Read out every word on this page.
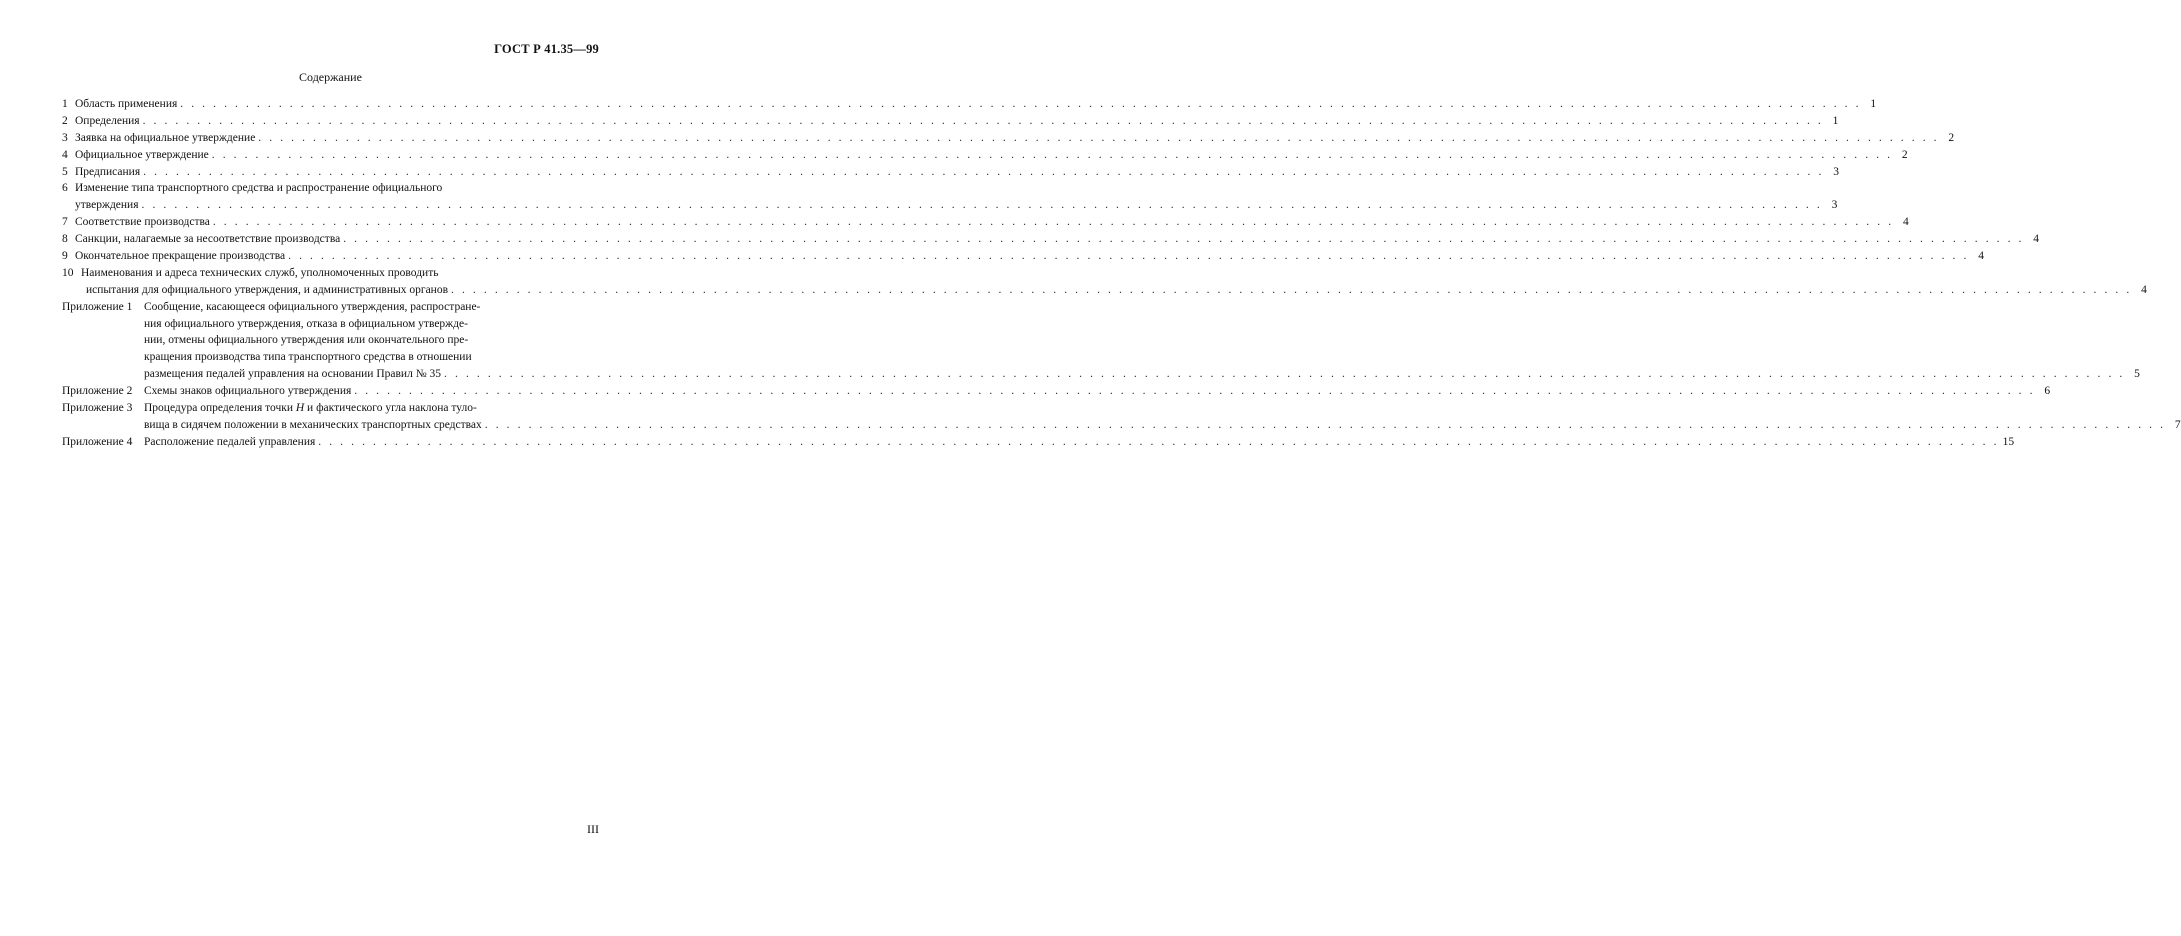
ГОСТ Р 41.35—99
Содержание
1 Область применения . . .	1
2 Определения . . .	1
3 Заявка на официальное утверждение . . .	2
4 Официальное утверждение . . .	2
5 Предписания . . .	3
6 Изменение типа транспортного средства и распространение официального
утверждения . . .	3
7 Соответствие производства . . .	4
8 Санкции, налагаемые за несоответствие производства . . .	4
9 Окончательное прекращение производства . . .	4
10 Наименования и адреса технических служб, уполномоченных проводить
испытания для официального утверждения, и административных органов . . .	4
Приложение 1	Сообщение, касающееся официального утверждения, распростране-
ния официального утверждения, отказа в официальном утвержде-
нии, отмены официального утверждения или окончательного пре-
кращения производства типа транспортного средства в отношении
размещения педалей управления на основании Правил № 35 . . .	5
Приложение 2	Схемы знаков официального утверждения . . .	6
Приложение 3	Процедура определения точки H и фактического угла наклона туло-
вища в сидячем положении в механических транспортных средствах . . .	7
Приложение 4	Расположение педалей управления . . .	15
III
